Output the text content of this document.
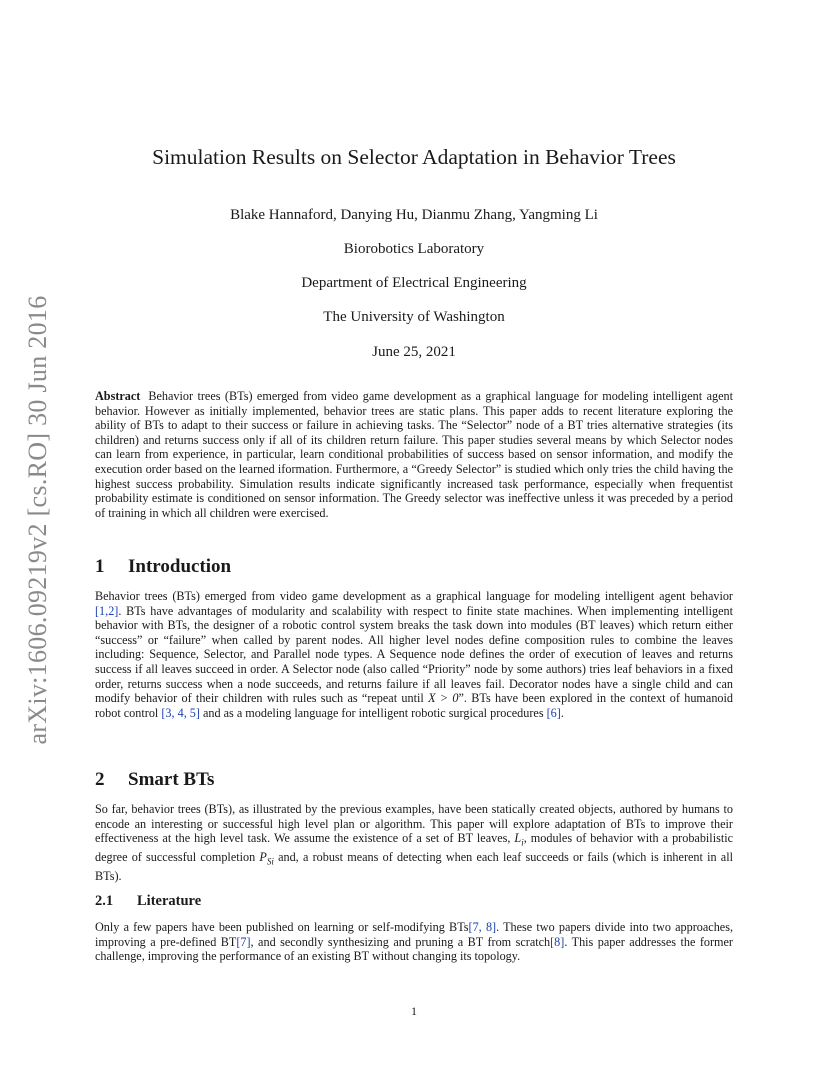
arXiv:1606.09219v2 [cs.RO] 30 Jun 2016
Simulation Results on Selector Adaptation in Behavior Trees
Blake Hannaford, Danying Hu, Dianmu Zhang, Yangming Li
Biorobotics Laboratory
Department of Electrical Engineering
The University of Washington
June 25, 2021
Abstract Behavior trees (BTs) emerged from video game development as a graphical language for modeling intelligent agent behavior. However as initially implemented, behavior trees are static plans. This paper adds to recent literature exploring the ability of BTs to adapt to their success or failure in achieving tasks. The “Selector” node of a BT tries alternative strategies (its children) and returns success only if all of its children return failure. This paper studies several means by which Selector nodes can learn from experience, in particular, learn conditional probabilities of success based on sensor information, and modify the execution order based on the learned iformation. Furthermore, a “Greedy Selector” is studied which only tries the child having the highest success probability. Simulation results indicate significantly increased task performance, especially when frequentist probability estimate is conditioned on sensor information. The Greedy selector was ineffective unless it was preceded by a period of training in which all children were exercised.
1 Introduction
Behavior trees (BTs) emerged from video game development as a graphical language for modeling intelligent agent behavior [1,2]. BTs have advantages of modularity and scalability with respect to finite state machines. When implementing intelligent behavior with BTs, the designer of a robotic control system breaks the task down into modules (BT leaves) which return either “success” or “failure” when called by parent nodes. All higher level nodes define composition rules to combine the leaves including: Sequence, Selector, and Parallel node types. A Sequence node defines the order of execution of leaves and returns success if all leaves succeed in order. A Selector node (also called “Priority” node by some authors) tries leaf behaviors in a fixed order, returns success when a node succeeds, and returns failure if all leaves fail. Decorator nodes have a single child and can modify behavior of their children with rules such as “repeat until X > 0”. BTs have been explored in the context of humanoid robot control [3, 4, 5] and as a modeling language for intelligent robotic surgical procedures [6].
2 Smart BTs
So far, behavior trees (BTs), as illustrated by the previous examples, have been statically created objects, authored by humans to encode an interesting or successful high level plan or algorithm. This paper will explore adaptation of BTs to improve their effectiveness at the high level task. We assume the existence of a set of BT leaves, $L_i$, modules of behavior with a probabilistic degree of successful completion $P_{Si}$ and, a robust means of detecting when each leaf succeeds or fails (which is inherent in all BTs).
2.1 Literature
Only a few papers have been published on learning or self-modifying BTs[7, 8]. These two papers divide into two approaches, improving a pre-defined BT[7], and secondly synthesizing and pruning a BT from scratch[8]. This paper addresses the former challenge, improving the performance of an existing BT without changing its topology.
1
